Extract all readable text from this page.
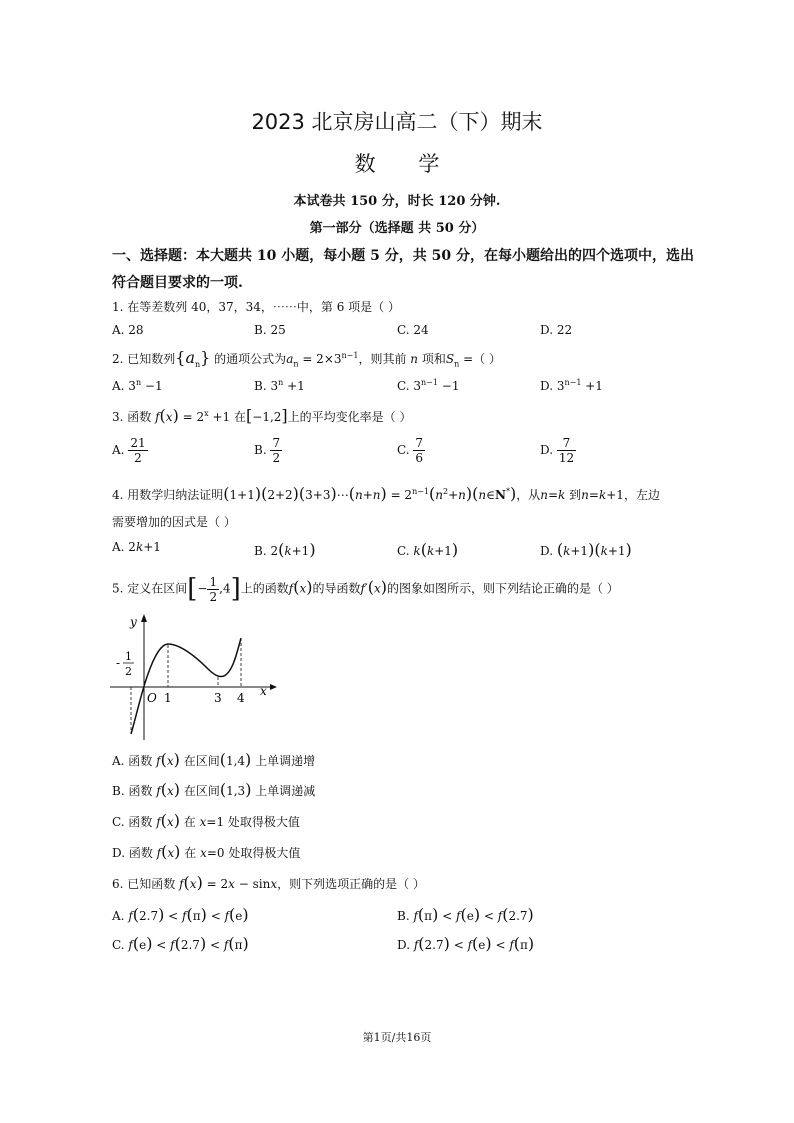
2023 北京房山高二（下）期末
数 学
本试卷共 150 分，时长 120 分钟.
第一部分（选择题 共 50 分）
一、选择题：本大题共 10 小题，每小题 5 分，共 50 分，在每小题给出的四个选项中，选出
符合题目要求的一项.
1. 在等差数列 40，37，34，⋯⋯中，第 6 项是（ ）
A. 28	B. 25	C. 24	D. 22
2. 已知数列$\{a_n\}$ 的通项公式为$a_n = 2\times 3^{n-1}$，则其前 n 项和$S_n$ =（ ）
A. $3^n -1$	B. $3^n +1$	C. $3^{n-1} -1$	D. $3^{n-1} +1$
3. 函数 $f(x) = 2^x +1$ 在[−1,2]上的平均变化率是（ ）
A. $\frac{21}{2}$	B. $\frac{7}{2}$	C. $\frac{7}{6}$	D. $\frac{7}{12}$
4. 用数学归纳法证明(1+1)(2+2)(3+3)⋯(n+n) = $2^{n-1}(n^2+n)(n\in N^*)$，从n=k 到n=k+1，左边
需要增加的因式是（ ）
A. 2k+1	B. 2(k+1)	C. k(k+1)	D. (k+1)(k+1)
5. 定义在区间[− $\frac{1}{2} ,4$]上的函数f(x)的导函数f′(x)的图象如图所示，则下列结论正确的是（ ）
y
x
O 1	3 4
- 1
2
A. 函数 f(x) 在区间(1,4) 上单调递增
B. 函数 f(x) 在区间(1,3) 上单调递减
C. 函数 f(x) 在 x=1 处取得极大值
D. 函数 f(x) 在 x=0 处取得极大值
6. 已知函数 f(x) = 2x − sinx，则下列选项正确的是（ ）
A. f(2.7) < f(π) < f(e)	B. f(π) < f(e) < f(2.7)
C. f(e) < f(2.7) < f(π)	D. f(2.7) < f(e) < f(π)
第1页/共16页
